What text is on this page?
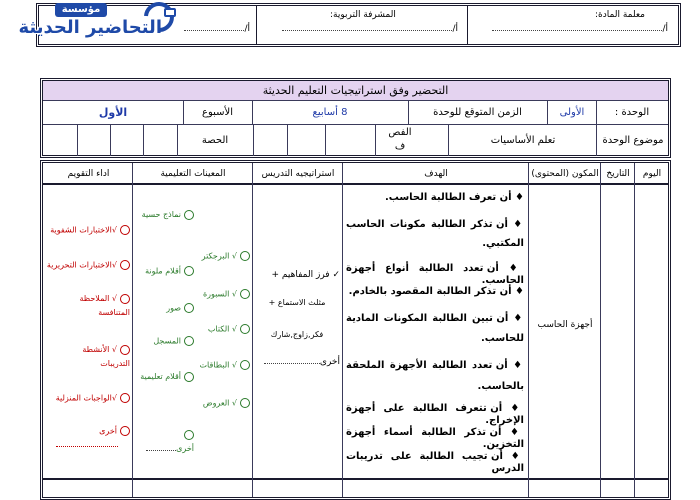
معلمة المادة:
أ/
المشرفة التربوية:
أ/
أ/
مؤسسة
التحاضير الحديثة
التحضير وفق استراتيجيات التعليم الحديثة
الوحدة :
الأولى
الزمن المتوقع للوحدة
8 أسابيع
الأسبوع
الأول
موضوع الوحدة
تعلم الأساسيات
الفص
ف
الحصة
اليوم
التاريخ
المكون (المحتوى)
الهدف
استراتيجيه التدريس
المعينات التعليمية
اداء التقويم
أجهزة الحاسب
♦ أن تعرف الطالبة الحاسب.
♦ أن تذكر الطالبة مكونات الحاسب المكتبي.
♦ أن تعدد الطالبة أنواع أجهزة الحاسب.
♦ أن تذكر الطالبة المقصود بالخادم.
♦ أن تبين الطالبة المكونات المادية للحاسب.
♦ أن تعدد الطالبة الأجهزة الملحقة بالحاسب.
♦ أن تتعرف الطالبة على أجهزة الإخراج.
♦ أن تذكر الطالبة أسماء أجهزة التخزين.
♦ أن تجيب الطالبة على تدريبات الدرس
✓ فرز المفاهيم +
مثلث الاستماع +
فكر,زاوج,شارك
أخرى
√ البرجكتر
√ السبورة
√ الكتاب
√ البطاقات
√ العروض
نماذج حسية
أقلام ملونة
صور
المسجل
أقلام تعليمية

أخرى
√الاختبارات الشفوية
√الاختبارات التحريرية
√ الملاحظة المتنافسة
√ الأنشطة التدريبات
√الواجبات المنزلية
أخرى
